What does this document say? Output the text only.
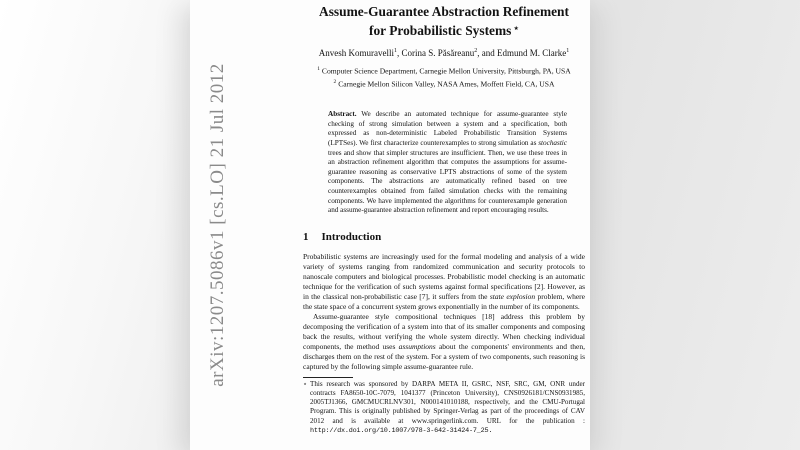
arXiv:1207.5086v1 [cs.LO] 21 Jul 2012
Assume-Guarantee Abstraction Refinement
for Probabilistic Systems ⋆
Anvesh Komuravelli$^1$, Corina S. Păsăreanu$^2$, and Edmund M. Clarke$^1$
$^1$ Computer Science Department, Carnegie Mellon University, Pittsburgh, PA, USA
$^2$ Carnegie Mellon Silicon Valley, NASA Ames, Moffett Field, CA, USA

Abstract. We describe an automated technique for assume-guarantee style checking of strong simulation between a system and a specification, both expressed as non-deterministic Labeled Probabilistic Transition Systems (LPTSes). We first characterize counterexamples to strong simulation as stochastic trees and show that simpler structures are insufficient. Then, we use these trees in an abstraction refinement algorithm that computes the assumptions for assume-guarantee reasoning as conservative LPTS abstractions of some of the system components. The abstractions are automatically refined based on tree counterexamples obtained from failed simulation checks with the remaining components. We have implemented the algorithms for counterexample generation and assume-guarantee abstraction refinement and report encouraging results.

1 Introduction

Probabilistic systems are increasingly used for the formal modeling and analysis of a wide variety of systems ranging from randomized communication and security protocols to nanoscale computers and biological processes. Probabilistic model checking is an automatic technique for the verification of such systems against formal specifications [2]. However, as in the classical non-probabilistic case [7], it suffers from the state explosion problem, where the state space of a concurrent system grows exponentially in the number of its components.

Assume-guarantee style compositional techniques [18] address this problem by decomposing the verification of a system into that of its smaller components and composing back the results, without verifying the whole system directly. When checking individual components, the method uses assumptions about the components' environments and then, discharges them on the rest of the system. For a system of two components, such reasoning is captured by the following simple assume-guarantee rule.

⋆ This research was sponsored by DARPA META II, GSRC, NSF, SRC, GM, ONR under contracts FA8650-10C-7079, 1041377 (Princeton University), CNS0926181/CNS0931985, 2005TJ1366, GMCMUCRLNV301, N000141010188, respectively, and the CMU-Portugal Program. This is originally published by Springer-Verlag as part of the proceedings of CAV 2012 and is available at www.springerlink.com. URL for the publication : http://dx.doi.org/10.1007/978-3-642-31424-7_25.
